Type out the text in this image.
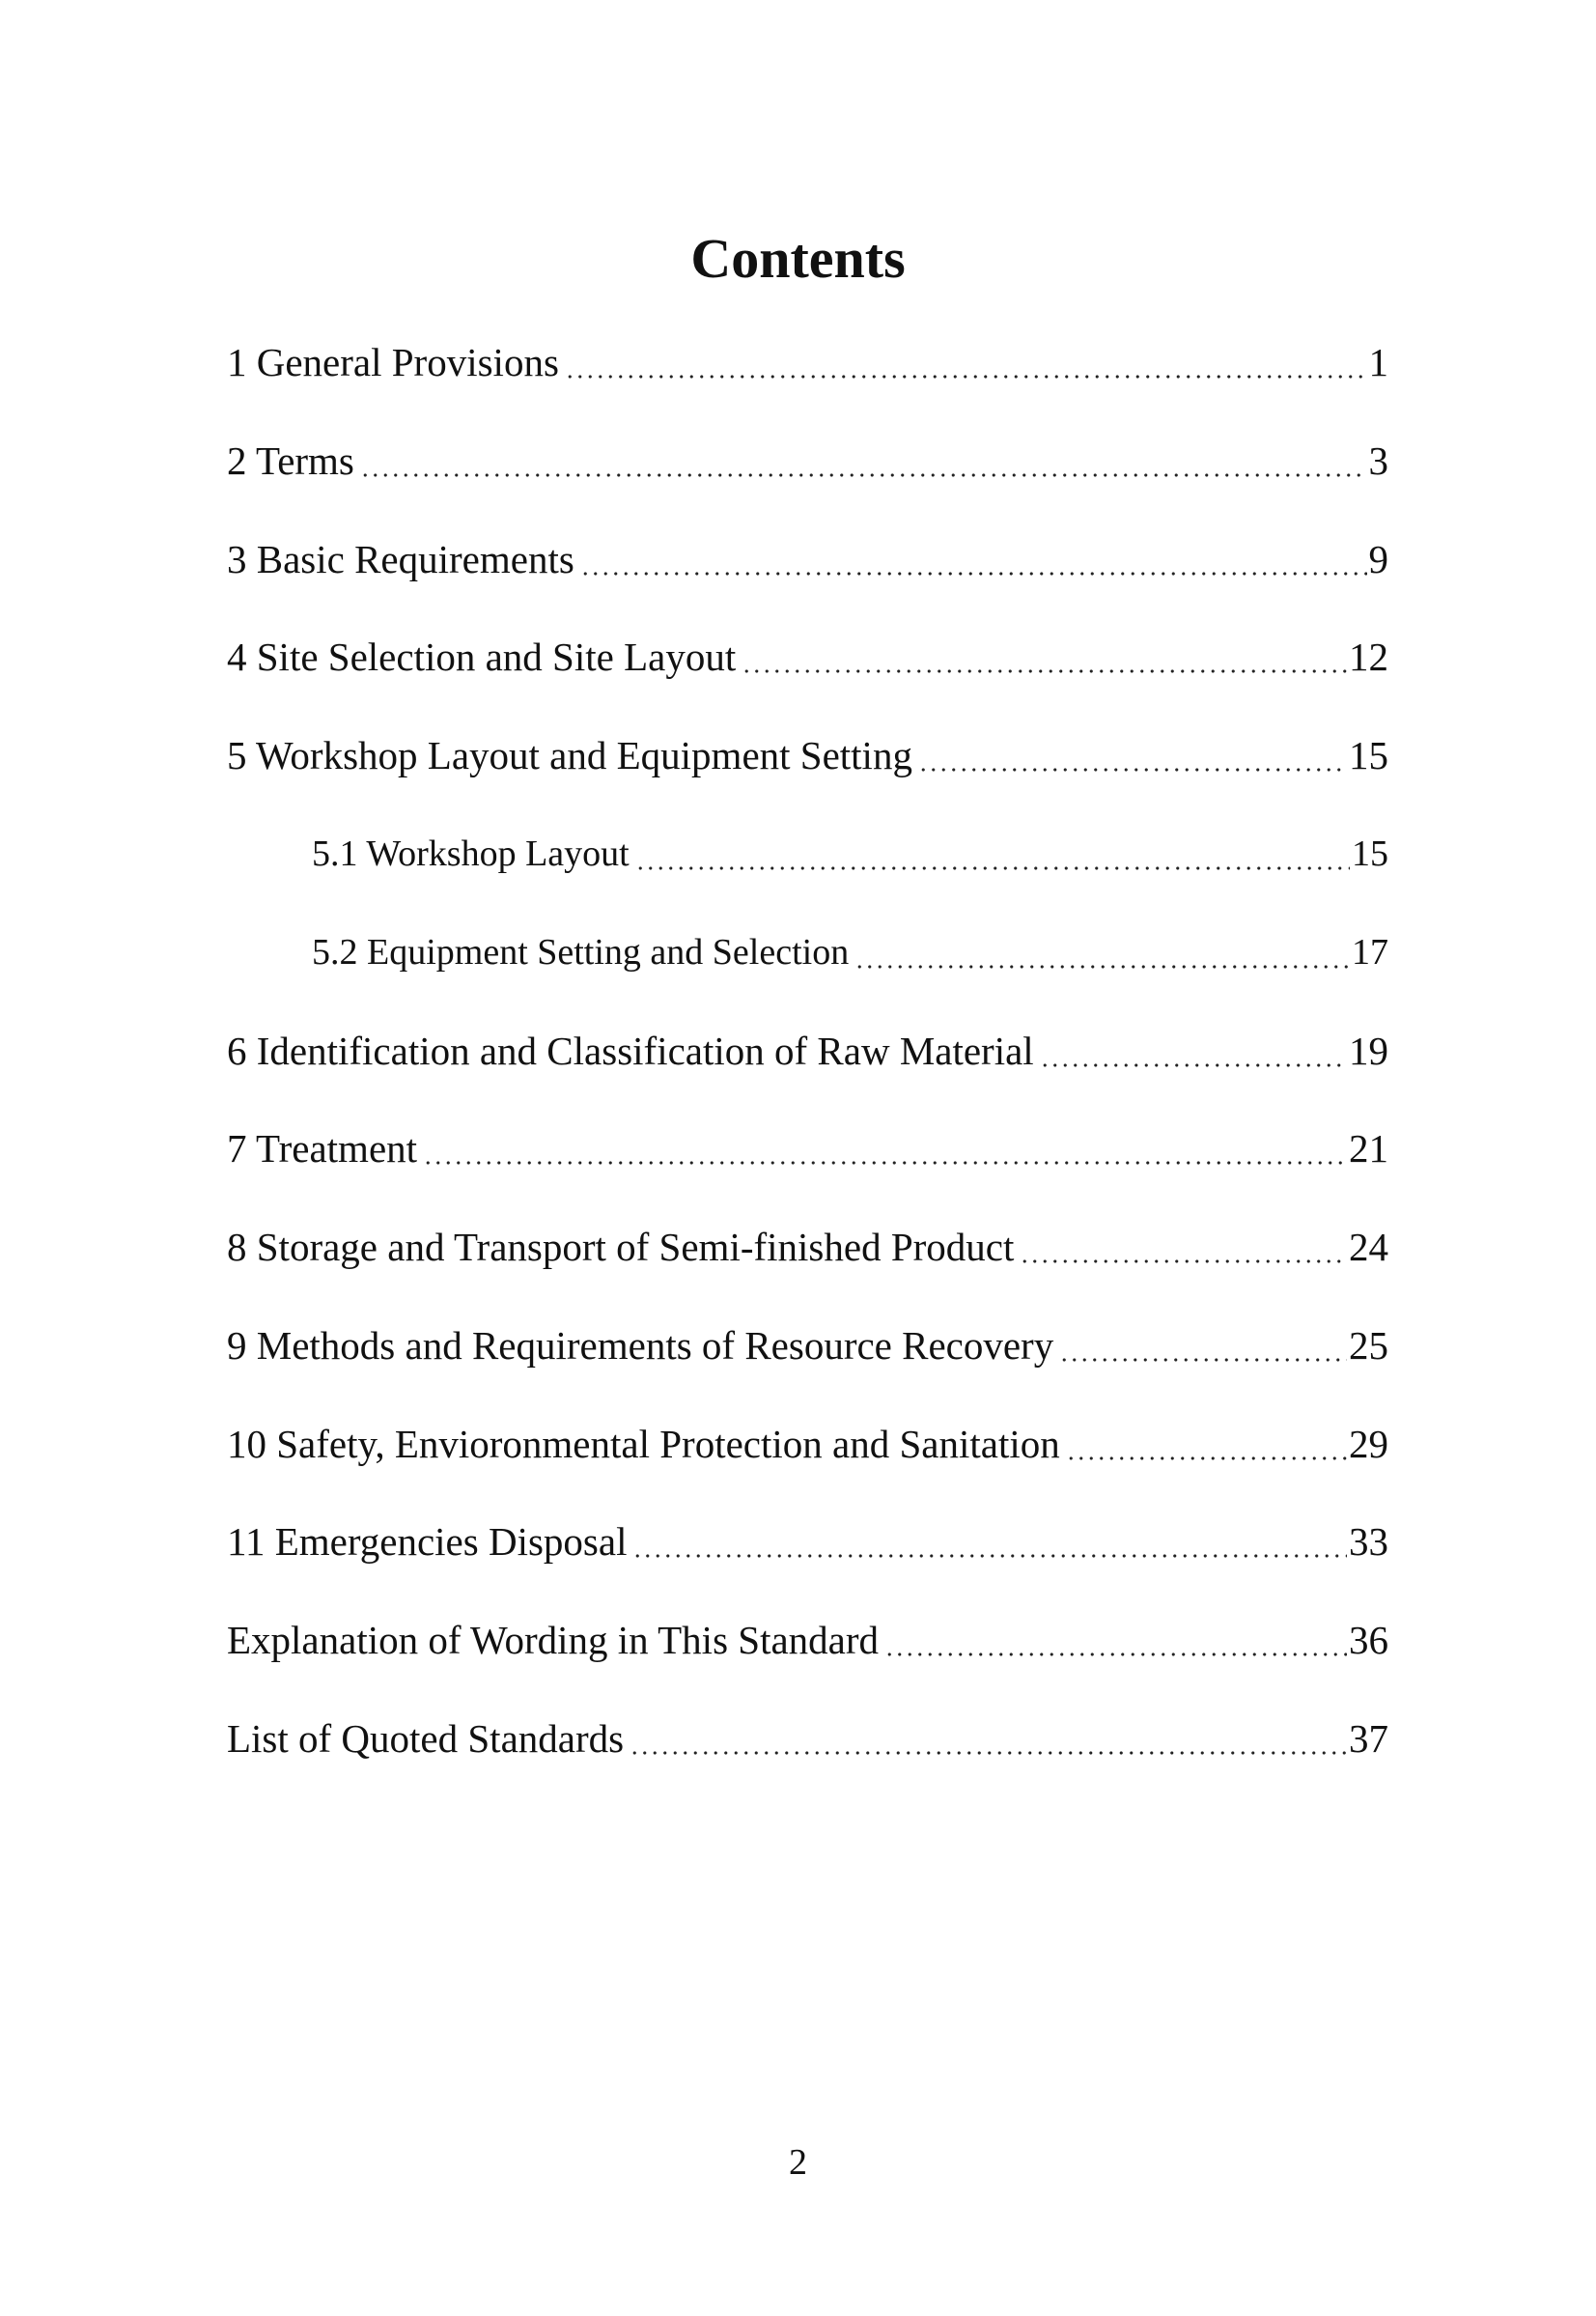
Contents
1 General Provisions	1
2 Terms	3
3 Basic Requirements	9
4 Site Selection and Site Layout	12
5 Workshop Layout and Equipment Setting	15
5.1 Workshop Layout	15
5.2 Equipment Setting and Selection	17
6 Identification and Classification of Raw Material	19
7 Treatment	21
8 Storage and Transport of Semi-finished Product	24
9 Methods and Requirements of Resource Recovery	25
10 Safety, Envioronmental Protection and Sanitation	29
11 Emergencies Disposal	33
Explanation of Wording in This Standard	36
List of Quoted Standards	37
2
